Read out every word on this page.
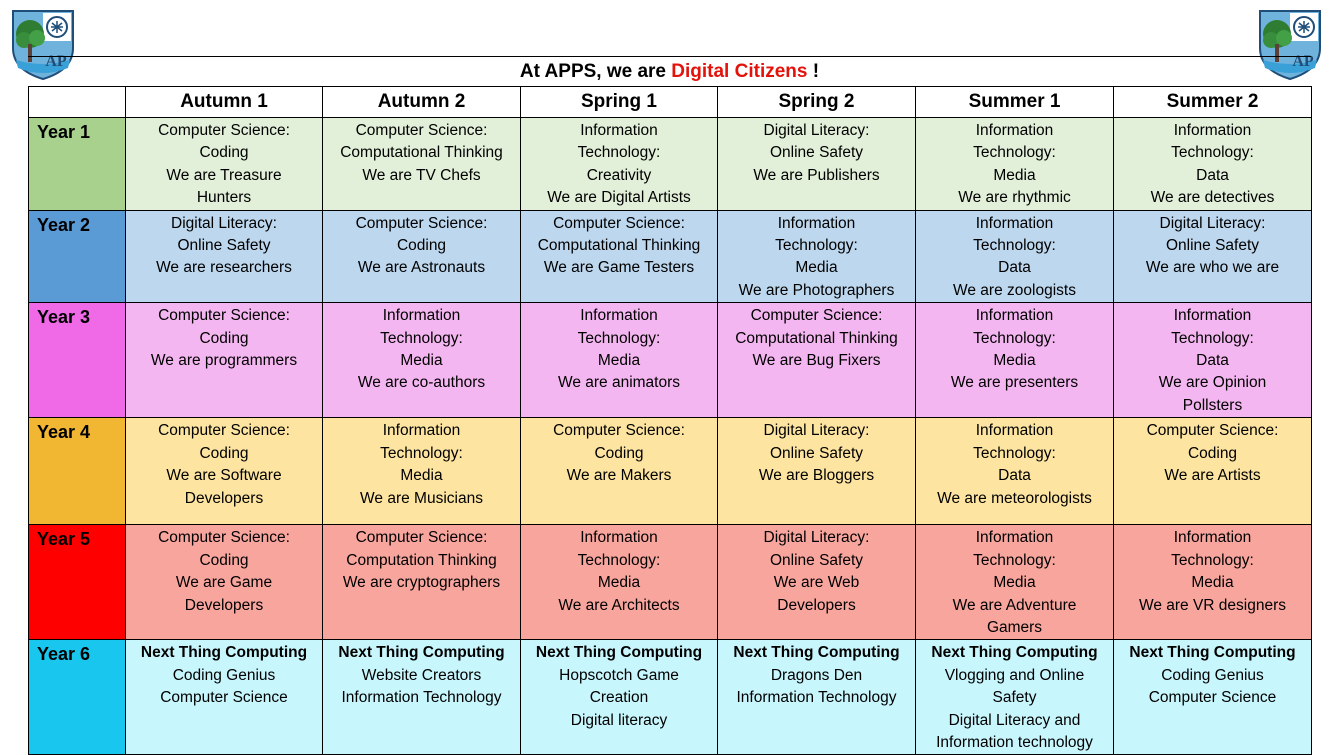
AP	AP
At APPS, we are Digital Citizens !
	Autumn 1	Autumn 2	Spring 1	Spring 2	Summer 1	Summer 2
Year 1	Computer Science:
Coding
We are Treasure
Hunters	Computer Science:
Computational Thinking
We are TV Chefs	Information
Technology:
Creativity
We are Digital Artists	Digital Literacy:
Online Safety
We are Publishers	Information
Technology:
Media
We are rhythmic	Information
Technology:
Data
We are detectives

Year 2	Digital Literacy:
Online Safety
We are researchers	Computer Science:
Coding
We are Astronauts	Computer Science:
Computational Thinking
We are Game Testers	Information
Technology:
Media
We are Photographers	Information
Technology:
Data
We are zoologists	Digital Literacy:
Online Safety
We are who we are

Year 3	Computer Science:
Coding
We are programmers	Information
Technology:
Media
We are co-authors	Information
Technology:
Media
We are animators	Computer Science:
Computational Thinking
We are Bug Fixers	Information
Technology:
Media
We are presenters	Information
Technology:
Data
We are Opinion
Pollsters

Year 4	Computer Science:
Coding
We are Software
Developers	Information
Technology:
Media
We are Musicians	Computer Science:
Coding
We are Makers	Digital Literacy:
Online Safety
We are Bloggers	Information
Technology:
Data
We are meteorologists	Computer Science:
Coding
We are Artists

Year 5	Computer Science:
Coding
We are Game
Developers	Computer Science:
Computation Thinking
We are cryptographers	Information
Technology:
Media
We are Architects	Digital Literacy:
Online Safety
We are Web
Developers	Information
Technology:
Media
We are Adventure
Gamers	Information
Technology:
Media
We are VR designers

Year 6	Next Thing Computing
Coding Genius
Computer Science	Next Thing Computing
Website Creators
Information Technology	Next Thing Computing
Hopscotch Game
Creation
Digital literacy	Next Thing Computing
Dragons Den
Information Technology	Next Thing Computing
Vlogging and Online
Safety
Digital Literacy and
Information technology	Next Thing Computing
Coding Genius
Computer Science
